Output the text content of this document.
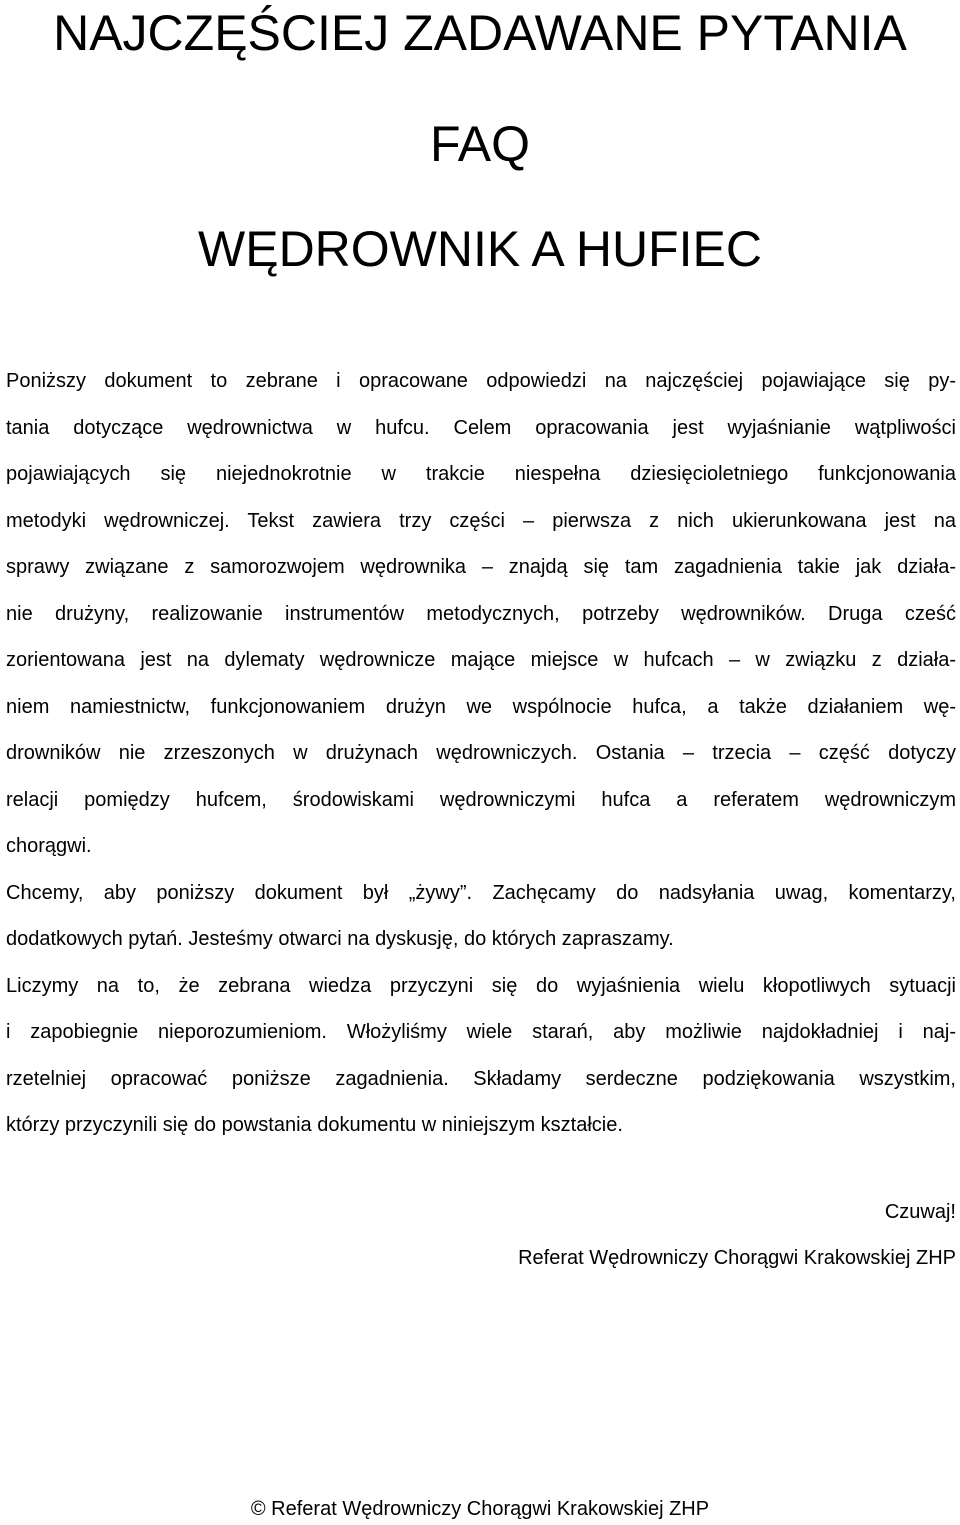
NAJCZĘŚCIEJ ZADAWANE PYTANIA
FAQ
WĘDROWNIK A HUFIEC
Poniższy dokument to zebrane i opracowane odpowiedzi na najczęściej pojawiające się py-
tania dotyczące wędrownictwa w hufcu. Celem opracowania jest wyjaśnianie wątpliwości
pojawiających się niejednokrotnie w trakcie niespełna dziesięcioletniego funkcjonowania
metodyki wędrowniczej. Tekst zawiera trzy części – pierwsza z nich ukierunkowana jest na
sprawy związane z samorozwojem wędrownika – znajdą się tam zagadnienia takie jak działa-
nie drużyny, realizowanie instrumentów metodycznych, potrzeby wędrowników. Druga cześć
zorientowana jest na dylematy wędrownicze mające miejsce w hufcach – w związku z działa-
niem namiestnictw, funkcjonowaniem drużyn we wspólnocie hufca, a także działaniem wę-
drowników nie zrzeszonych w drużynach wędrowniczych. Ostania – trzecia – część dotyczy
relacji pomiędzy hufcem, środowiskami wędrowniczymi hufca a referatem wędrowniczym
chorągwi.
Chcemy, aby poniższy dokument był „żywy”. Zachęcamy do nadsyłania uwag, komentarzy,
dodatkowych pytań. Jesteśmy otwarci na dyskusję, do których zapraszamy.
Liczymy na to, że zebrana wiedza przyczyni się do wyjaśnienia wielu kłopotliwych sytuacji
i zapobiegnie nieporozumieniom. Włożyliśmy wiele starań, aby możliwie najdokładniej i naj-
rzetelniej opracować poniższe zagadnienia. Składamy serdeczne podziękowania wszystkim,
którzy przyczynili się do powstania dokumentu w niniejszym kształcie.

Czuwaj!

Referat Wędrowniczy Chorągwi Krakowskiej ZHP

© Referat Wędrowniczy Chorągwi Krakowskiej ZHP
